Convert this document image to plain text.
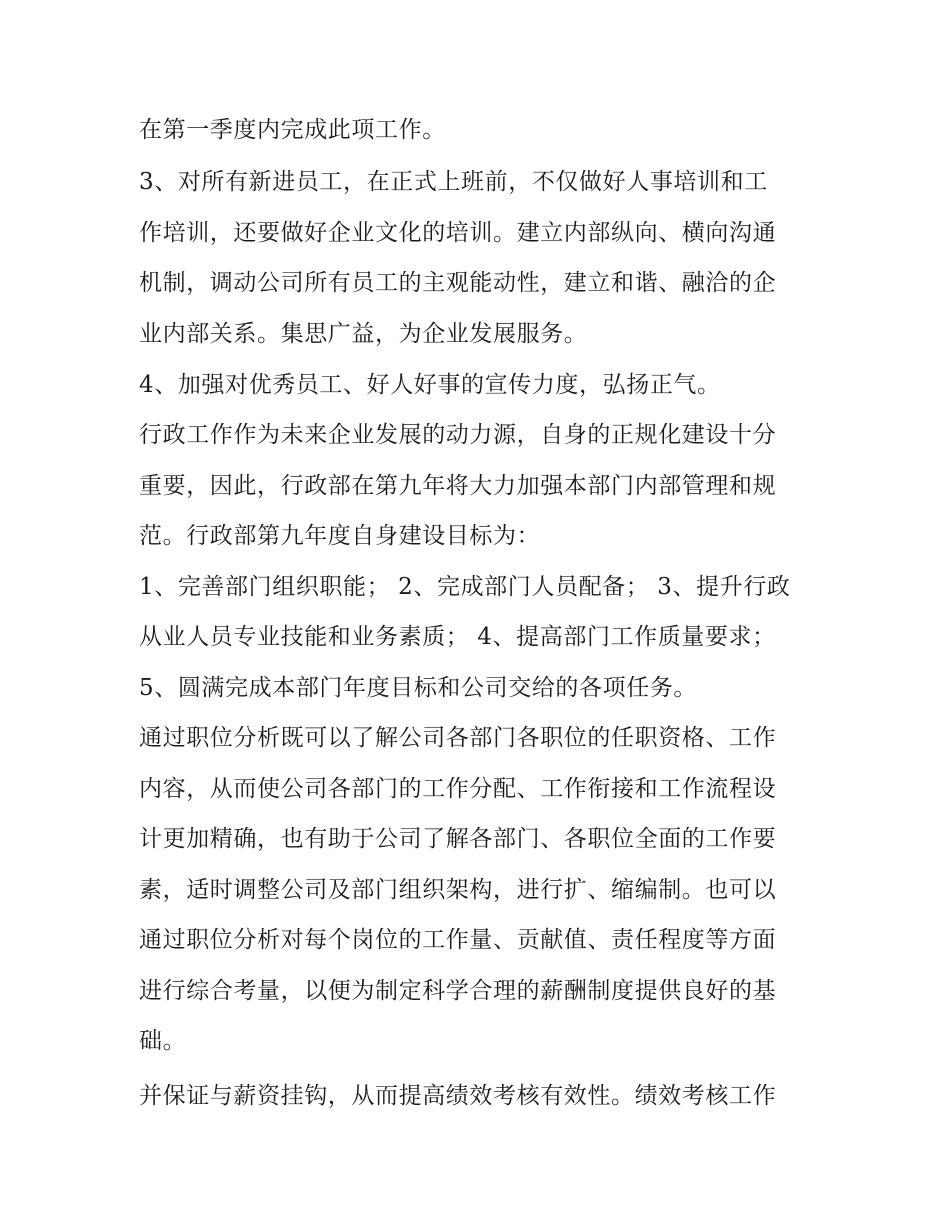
在第一季度内完成此项工作。
3、对所有新进员工，在正式上班前，不仅做好人事培训和工
作培训，还要做好企业文化的培训。建立内部纵向、横向沟通
机制，调动公司所有员工的主观能动性，建立和谐、融洽的企
业内部关系。集思广益，为企业发展服务。
4、加强对优秀员工、好人好事的宣传力度，弘扬正气。
行政工作作为未来企业发展的动力源，自身的正规化建设十分
重要，因此，行政部在第九年将大力加强本部门内部管理和规
范。行政部第九年度自身建设目标为：
1、完善部门组织职能； 2、完成部门人员配备； 3、提升行政
从业人员专业技能和业务素质； 4、提高部门工作质量要求；
5、圆满完成本部门年度目标和公司交给的各项任务。
通过职位分析既可以了解公司各部门各职位的任职资格、工作
内容，从而使公司各部门的工作分配、工作衔接和工作流程设
计更加精确，也有助于公司了解各部门、各职位全面的工作要
素，适时调整公司及部门组织架构，进行扩、缩编制。也可以
通过职位分析对每个岗位的工作量、贡献值、责任程度等方面
进行综合考量，以便为制定科学合理的薪酬制度提供良好的基
础。
并保证与薪资挂钩，从而提高绩效考核有效性。绩效考核工作
